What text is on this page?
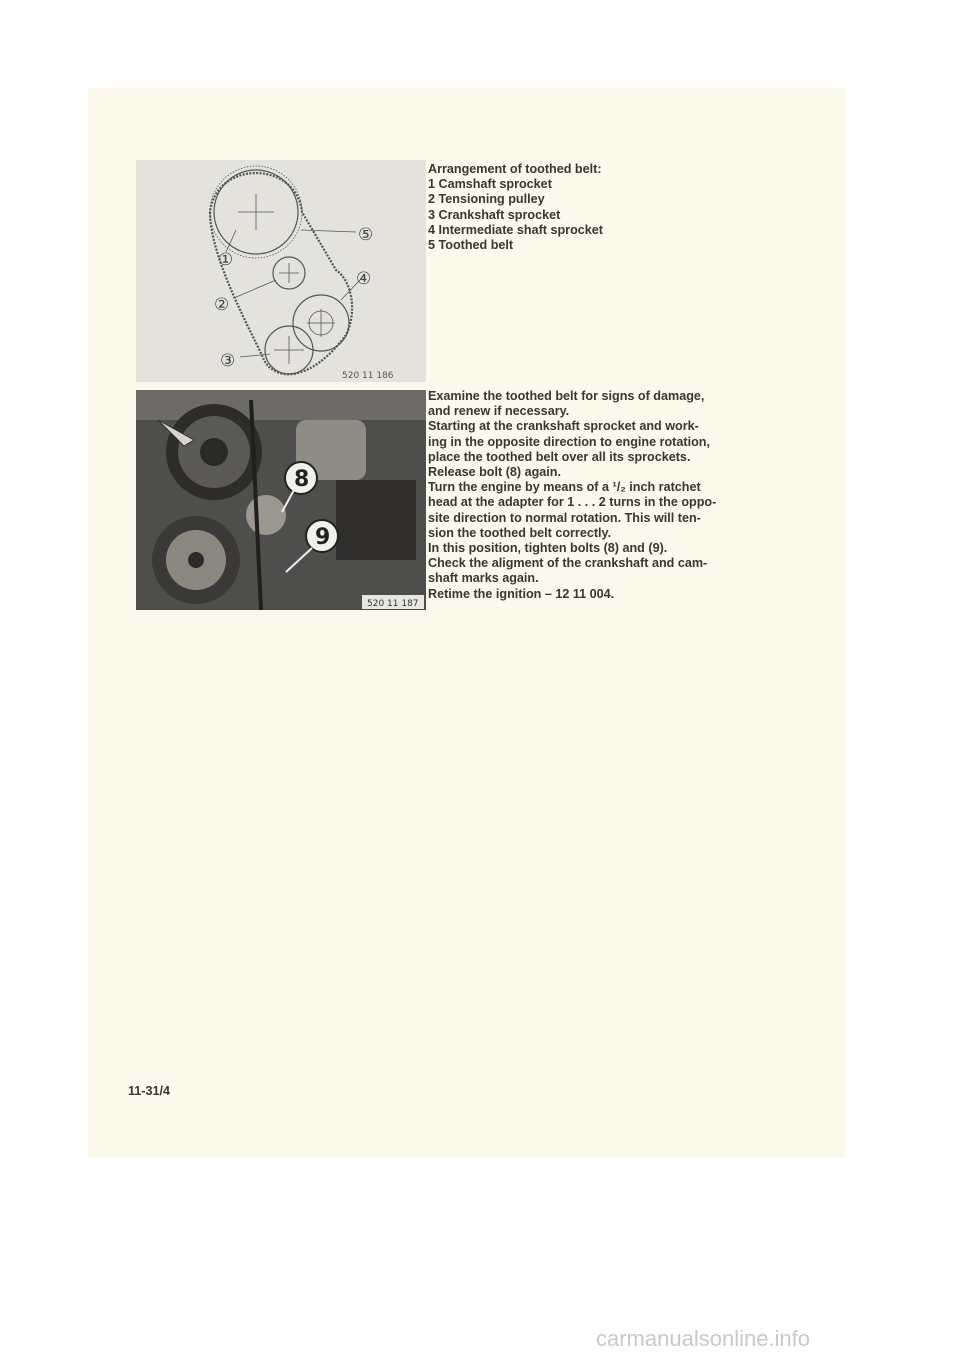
①
②
③
④
⑤
520 11 186
8
9
520 11 187
Arrangement of toothed belt:
1 Camshaft sprocket
2 Tensioning pulley
3 Crankshaft sprocket
4 Intermediate shaft sprocket
5 Toothed belt
Examine the toothed belt for signs of damage,
and renew if necessary.
Starting at the crankshaft sprocket and work-
ing in the opposite direction to engine rotation,
place the toothed belt over all its sprockets.
Release bolt (8) again.
Turn the engine by means of a ¹/₂ inch ratchet
head at the adapter for 1 . . . 2 turns in the oppo-
site direction to normal rotation. This will ten-
sion the toothed belt correctly.
In this position, tighten bolts (8) and (9).
Check the aligment of the crankshaft and cam-
shaft marks again.
Retime the ignition – 12 11 004.
11-31/4
carmanualsonline.info
